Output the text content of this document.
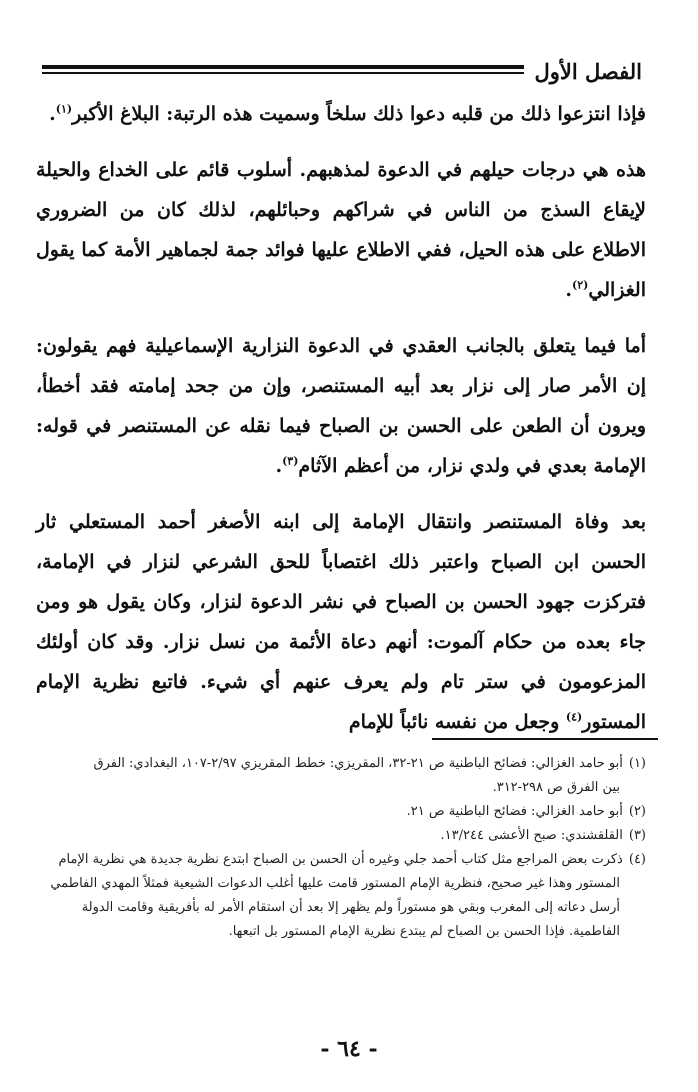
الفصل الأول

فإذا انتزعوا ذلك من قلبه دعوا ذلك سلخاً وسميت هذه الرتبة: البلاغ الأكبر$^{(١)}$.

هذه هي درجات حيلهم في الدعوة لمذهبهم. أسلوب قائم على الخداع والحيلة لإيقاع السذج من الناس في شراكهم وحبائلهم، لذلك كان من الضروري الاطلاع على هذه الحيل، ففي الاطلاع عليها فوائد جمة لجماهير الأمة كما يقول الغزالي$^{(٢)}$.

أما فيما يتعلق بالجانب العقدي في الدعوة النزارية الإسماعيلية فهم يقولون: إن الأمر صار إلى نزار بعد أبيه المستنصر، وإن من جحد إمامته فقد أخطأ، ويرون أن الطعن على الحسن بن الصباح فيما نقله عن المستنصر في قوله: الإمامة بعدي في ولدي نزار، من أعظم الآثام$^{(٣)}$.

بعد وفاة المستنصر وانتقال الإمامة إلى ابنه الأصغر أحمد المستعلي ثار الحسن ابن الصباح واعتبر ذلك اغتصاباً للحق الشرعي لنزار في الإمامة، فتركزت جهود الحسن بن الصباح في نشر الدعوة لنزار، وكان يقول هو ومن جاء بعده من حكام آلموت: أنهم دعاة الأئمة من نسل نزار. وقد كان أولئك المزعومون في ستر تام ولم يعرف عنهم أي شيء. فاتبع نظرية الإمام المستور$^{(٤)}$ وجعل من نفسه نائباً للإمام

(١)أبو حامد الغزالي: فضائح الباطنية ص ٢١-٣٢، المقريزي: خطط المقريزي ٢/٩٧-١٠٧، البغدادي: الفرق

بين الفرق ص ٢٩٨-٣١٢.

(٢)أبو حامد الغزالي: فضائح الباطنية ص ٢١.

(٣)القلقشندي: صبح الأعشى ١٣/٢٤٤.

(٤)ذكرت بعض المراجع مثل كتاب أحمد جلي وغيره أن الحسن بن الصباح ابتدع نظرية جديدة هي نظرية الإمام

المستور وهذا غير صحيح، فنظرية الإمام المستور قامت عليها أغلب الدعوات الشيعية فمثلاً المهدي الفاطمي أرسل دعاته إلى المغرب وبقي هو مستوراً ولم يظهر إلا بعد أن استقام الأمر له بأفريقية وقامت الدولة الفاطمية. فإذا الحسن بن الصباح لم يبتدع نظرية الإمام المستور بل اتبعها.

- ٦٤ -
